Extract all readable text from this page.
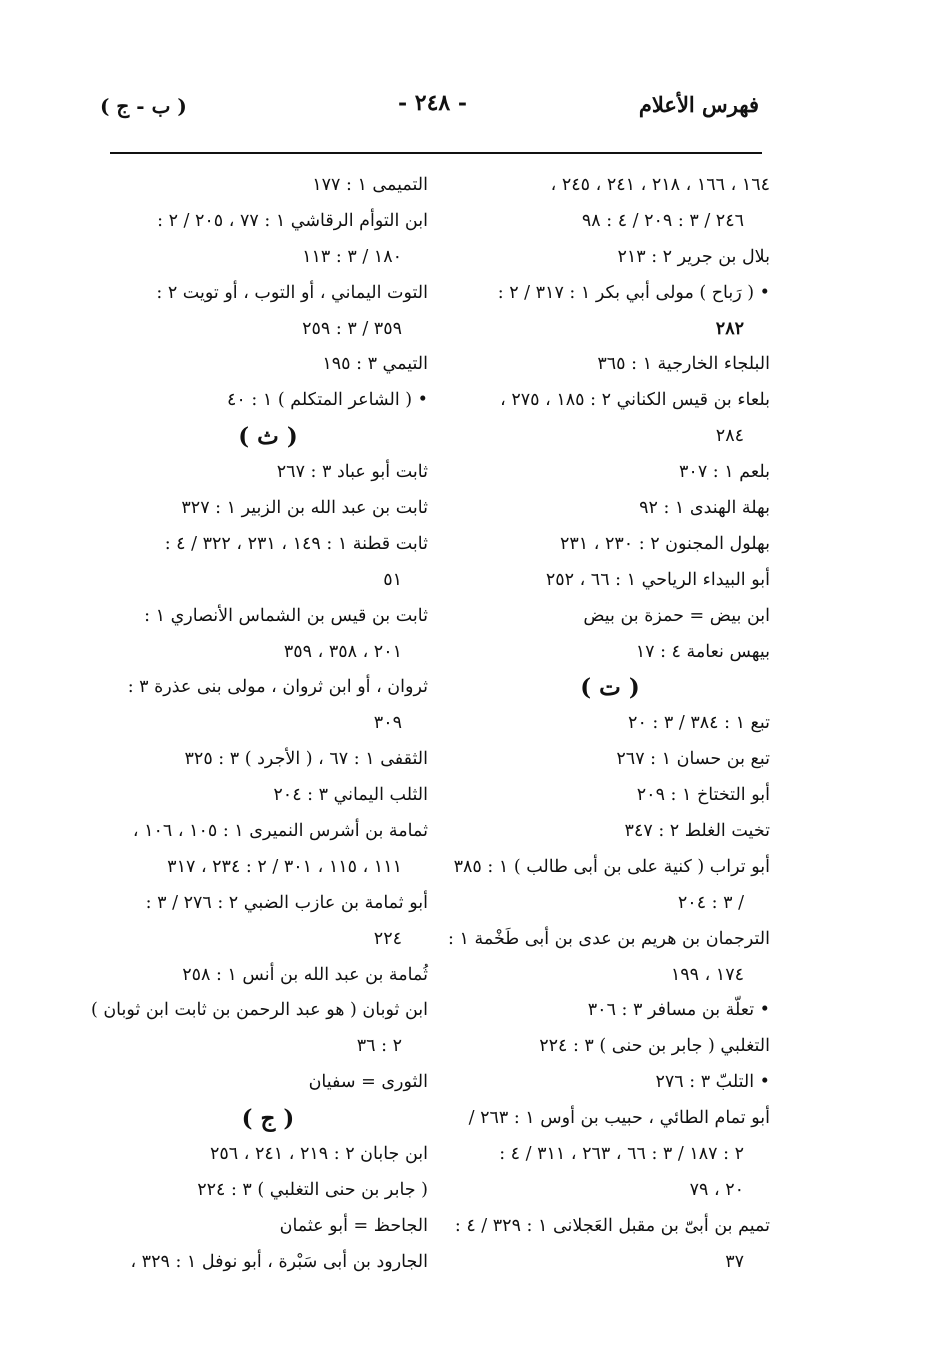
فهرس الأعلام
- ٢٤٨ -
( ب - ج )
١٦٤ ، ١٦٦ ، ٢١٨ ، ٢٤١ ، ٢٤٥ ،
٢٤٦ / ٣ : ٢٠٩ / ٤ : ٩٨
بلال بن جرير ٢ : ٢١٣
• ( رَباح ) مولى أبي بكر ١ : ٣١٧ / ٢ :
٢٨٢
البلجاء الخارجية ١ : ٣٦٥
بلعاء بن قيس الكناني ٢ : ١٨٥ ، ٢٧٥ ،
٢٨٤
بلعم ١ : ٣٠٧
بهلة الهندى ١ : ٩٢
بهلول المجنون ٢ : ٢٣٠ ، ٢٣١
أبو البيداء الرياحي ١ : ٦٦ ، ٢٥٢
ابن بيض = حمزة بن بيض
بيهس نعامة ٤ : ١٧
( ت )
تبع ١ : ٣٨٤ / ٣ : ٢٠
تبع بن حسان ١ : ٢٦٧
أبو التختاخ ١ : ٢٠٩
تخيت الغلط ٢ : ٣٤٧
أبو تراب ( كنية على بن أبى طالب ) ١ : ٣٨٥
/ ٣ : ٢٠٤
الترجمان بن هريم بن عدى بن أبى طَخْمة ١ :
١٧٤ ، ١٩٩
• تعلّة بن مسافر ٣ : ٣٠٦
التغلبي ( جابر بن حنى ) ٣ : ٢٢٤
• التلبّ ٣ : ٢٧٦
أبو تمام الطائي ، حبيب بن أوس ١ : ٢٦٣ /
٢ : ١٨٧ / ٣ : ٦٦ ، ٢٦٣ ، ٣١١ / ٤ :
٢٠ ، ٧٩
تميم بن أبىّ بن مقبل العَجلانى ١ : ٣٢٩ / ٤ :
٣٧
التميمى ١ : ١٧٧
ابن التوأم الرقاشي ١ : ٧٧ ، ٢٠٥ / ٢ :
١٨٠ / ٣ : ١١٣
التوت اليماني ، أو التوب ، أو تويت ٢ :
٣٥٩ / ٣ : ٢٥٩
التيمي ٣ : ١٩٥
• ( الشاعر المتكلم ) ١ : ٤٠
( ث )
ثابت أبو عباد ٣ : ٢٦٧
ثابت بن عبد الله بن الزبير ١ : ٣٢٧
ثابت قطنة ١ : ١٤٩ ، ٢٣١ ، ٣٢٢ / ٤ :
٥١
ثابت بن قيس بن الشماس الأنصاري ١ :
٢٠١ ، ٣٥٨ ، ٣٥٩
ثروان ، أو ابن ثروان ، مولى بنى عذرة ٣ :
٣٠٩
الثقفى ١ : ٦٧ ، ( الأجرد ) ٣ : ٣٢٥
الثلب اليماني ٣ : ٢٠٤
ثمامة بن أشرس النميرى ١ : ١٠٥ ، ١٠٦ ،
١١١ ، ١١٥ ، ٣٠١ / ٢ : ٢٣٤ ، ٣١٧
أبو ثمامة بن عازب الضبي ٢ : ٢٧٦ / ٣ :
٢٢٤
ثُمامة بن عبد الله بن أنس ١ : ٢٥٨
ابن ثوبان ( هو عبد الرحمن بن ثابت ابن ثوبان )
٢ : ٣٦
الثورى = سفيان
( ج )
ابن جابان ٢ : ٢١٩ ، ٢٤١ ، ٢٥٦
( جابر بن حنى التغلبي ) ٣ : ٢٢٤
الجاحظ = أبو عثمان
الجارود بن أبى سَبْرة ، أبو نوفل ١ : ٣٢٩ ،
